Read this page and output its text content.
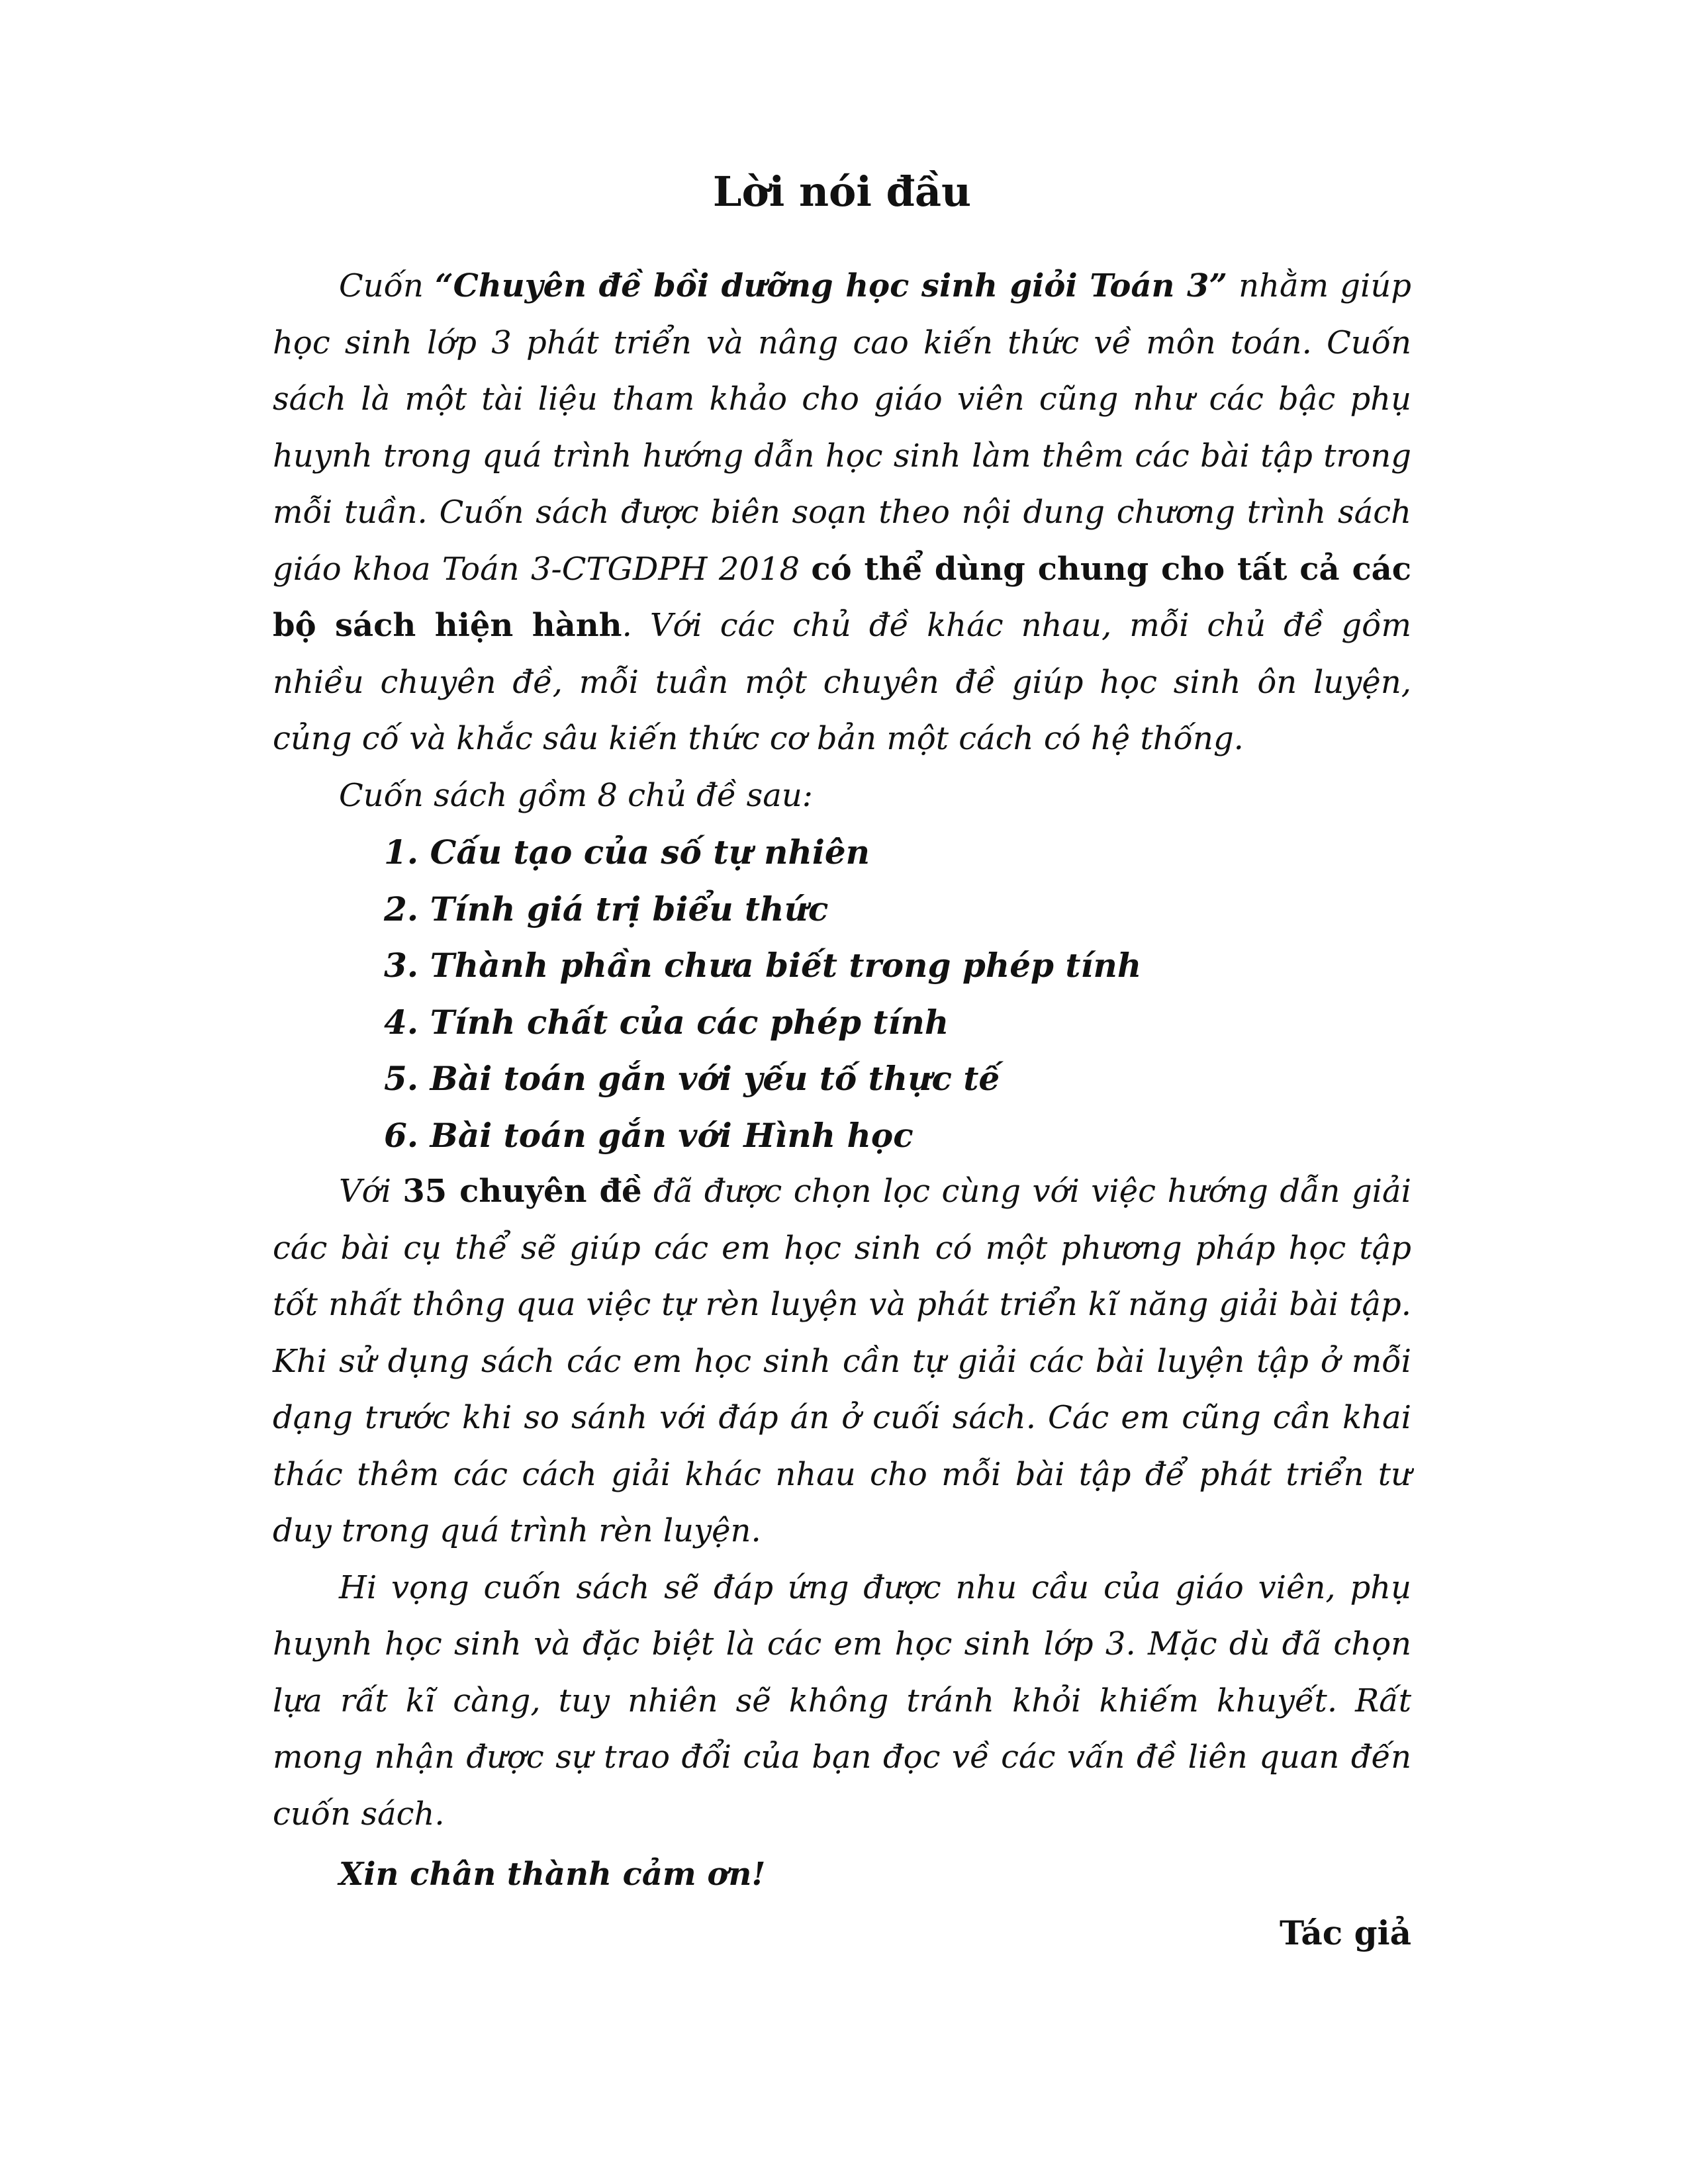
Lời nói đầu

Cuốn “Chuyên đề bồi dưỡng học sinh giỏi Toán 3” nhằm giúp học sinh lớp 3 phát triển và nâng cao kiến thức về môn toán. Cuốn sách là một tài liệu tham khảo cho giáo viên cũng như các bậc phụ huynh trong quá trình hướng dẫn học sinh làm thêm các bài tập trong mỗi tuần. Cuốn sách được biên soạn theo nội dung chương trình sách giáo khoa Toán 3-CTGDPH 2018 có thể dùng chung cho tất cả các bộ sách hiện hành. Với các chủ đề khác nhau, mỗi chủ đề gồm nhiều chuyên đề, mỗi tuần một chuyên đề giúp học sinh ôn luyện, củng cố và khắc sâu kiến thức cơ bản một cách có hệ thống.

Cuốn sách gồm 8 chủ đề sau:

1. Cấu tạo của số tự nhiên
2. Tính giá trị biểu thức
3. Thành phần chưa biết trong phép tính
4. Tính chất của các phép tính
5. Bài toán gắn với yếu tố thực tế
6. Bài toán gắn với Hình học

Với 35 chuyên đề đã được chọn lọc cùng với việc hướng dẫn giải các bài cụ thể sẽ giúp các em học sinh có một phương pháp học tập tốt nhất thông qua việc tự rèn luyện và phát triển kĩ năng giải bài tập. Khi sử dụng sách các em học sinh cần tự giải các bài luyện tập ở mỗi dạng trước khi so sánh với đáp án ở cuối sách. Các em cũng cần khai thác thêm các cách giải khác nhau cho mỗi bài tập để phát triển tư duy trong quá trình rèn luyện.

Hi vọng cuốn sách sẽ đáp ứng được nhu cầu của giáo viên, phụ huynh học sinh và đặc biệt là các em học sinh lớp 3. Mặc dù đã chọn lựa rất kĩ càng, tuy nhiên sẽ không tránh khỏi khiếm khuyết. Rất mong nhận được sự trao đổi của bạn đọc về các vấn đề liên quan đến cuốn sách.

Xin chân thành cảm ơn!

Tác giả
